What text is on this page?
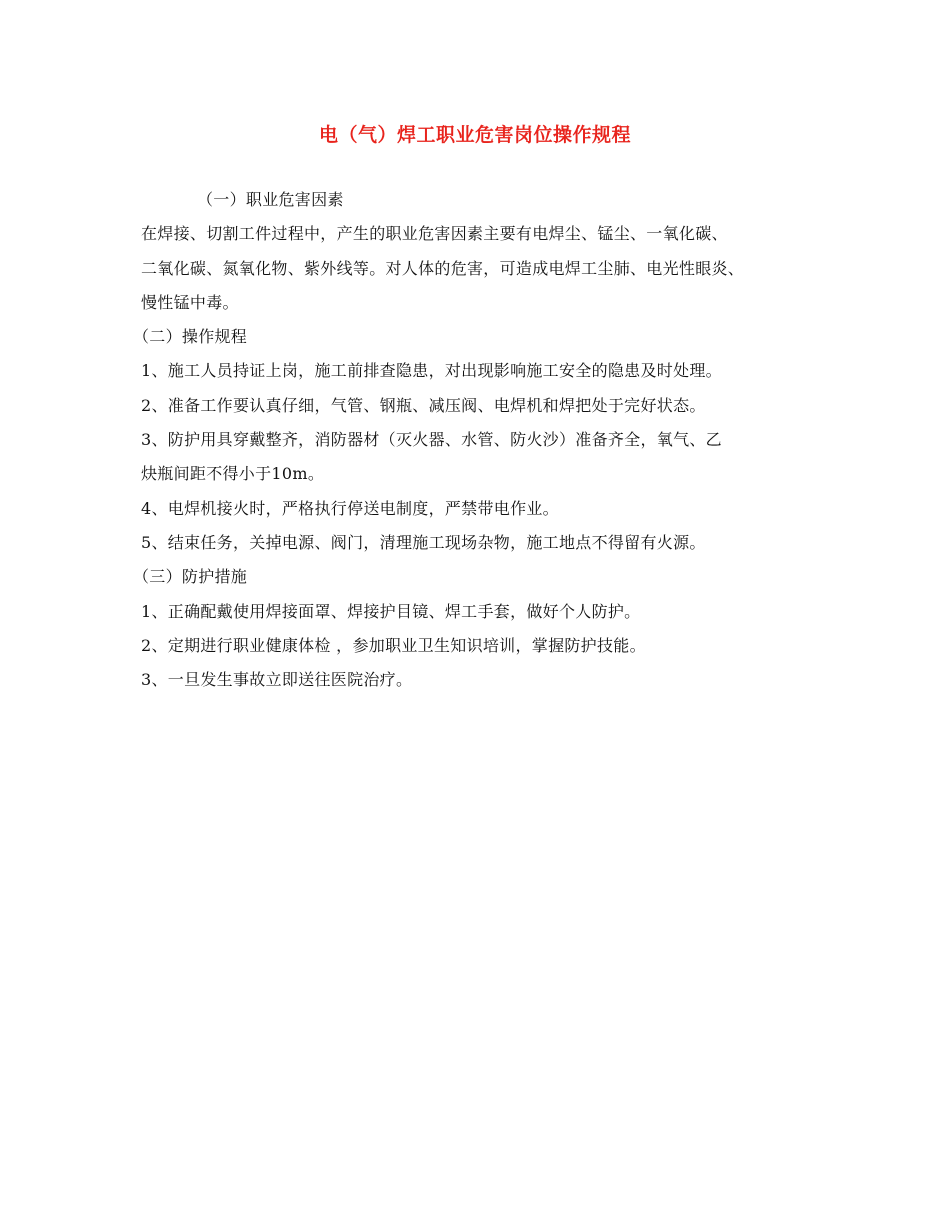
电（气）焊工职业危害岗位操作规程
（一）职业危害因素
在焊接、切割工件过程中，产生的职业危害因素主要有电焊尘、锰尘、一氧化碳、
二氧化碳、氮氧化物、紫外线等。对人体的危害，可造成电焊工尘肺、电光性眼炎、
慢性锰中毒。
（二）操作规程
1、施工人员持证上岗，施工前排查隐患，对出现影响施工安全的隐患及时处理。
2、准备工作要认真仔细，气管、钢瓶、减压阀、电焊机和焊把处于完好状态。
3、防护用具穿戴整齐，消防器材（灭火器、水管、防火沙）准备齐全，氧气、乙
炔瓶间距不得小于10m。
4、电焊机接火时，严格执行停送电制度，严禁带电作业。
5、结束任务，关掉电源、阀门，清理施工现场杂物，施工地点不得留有火源。
（三）防护措施
1、正确配戴使用焊接面罩、焊接护目镜、焊工手套，做好个人防护。
2、定期进行职业健康体检 ，参加职业卫生知识培训，掌握防护技能。
3、一旦发生事故立即送往医院治疗。
